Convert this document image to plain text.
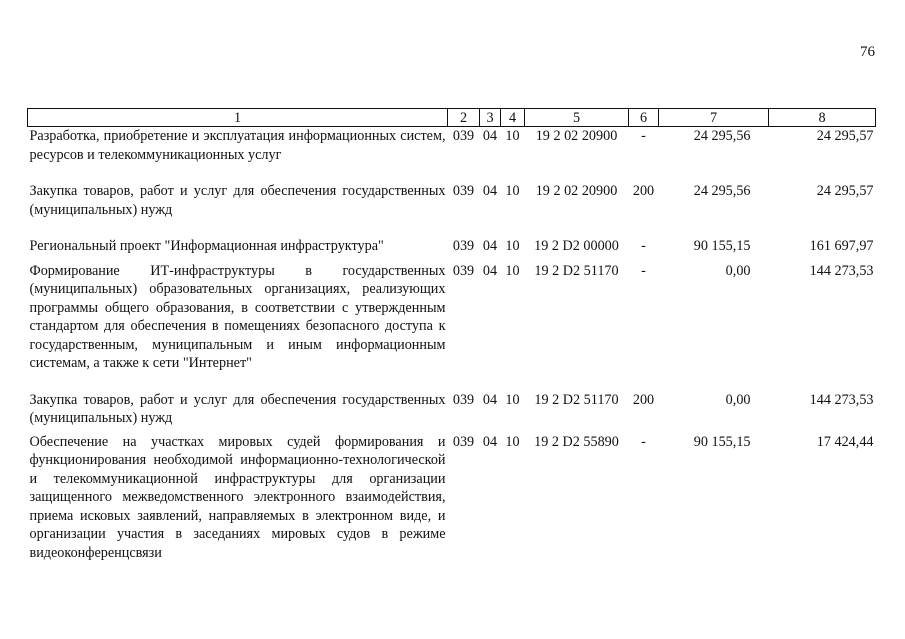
76
1	2	3	4	5	6	7	8
Разработка, приобретение и эксплуатация информационных систем, ресурсов и телекоммуникационных услуг	039	04	10	19 2 02 20900	-	24 295,56	24 295,57

Закупка товаров, работ и услуг для обеспечения государственных (муниципальных) нужд	039	04	10	19 2 02 20900	200	24 295,56	24 295,57

Региональный проект "Информационная инфраструктура"	039	04	10	19 2 D2 00000	-	90 155,15	161 697,97

Формирование ИТ-инфраструктуры в государственных (муниципальных) образовательных организациях, реализующих программы общего образования, в соответствии с утвержденным стандартом для обеспечения в помещениях безопасного доступа к государственным, муниципальным и иным информационным системам, а также к сети "Интернет"	039	04	10	19 2 D2 51170	-	0,00	144 273,53

Закупка товаров, работ и услуг для обеспечения государственных (муниципальных) нужд	039	04	10	19 2 D2 51170	200	0,00	144 273,53

Обеспечение на участках мировых судей формирования и функционирования необходимой информационно-технологической и телекоммуникационной инфраструктуры для организации защищенного межведомственного электронного взаимодействия, приема исковых заявлений, направляемых в электронном виде, и организации участия в заседаниях мировых судов в режиме видеоконференцсвязи	039	04	10	19 2 D2 55890	-	90 155,15	17 424,44
